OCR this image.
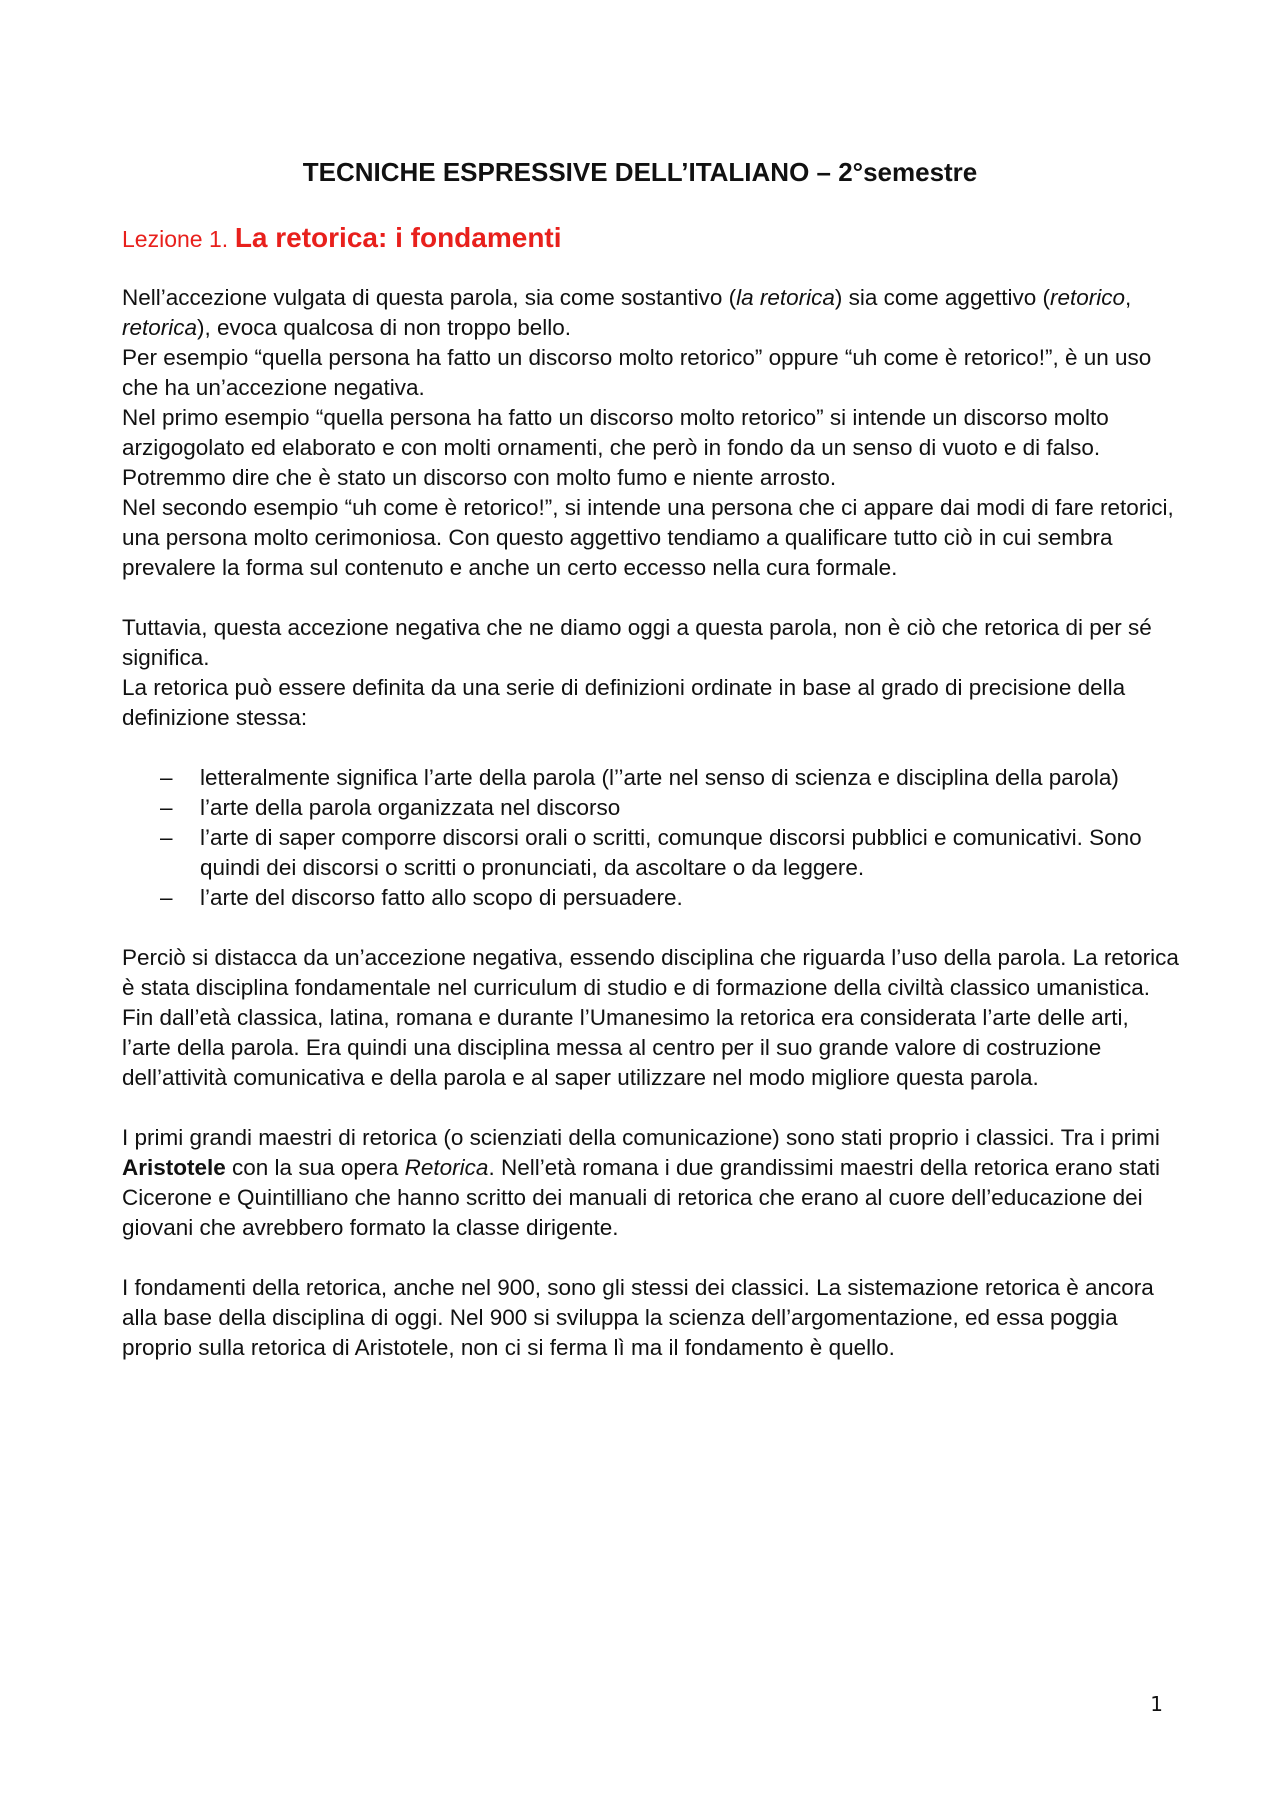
TECNICHE ESPRESSIVE DELL’ITALIANO – 2°semestre
Lezione 1. La retorica: i fondamenti

Nell’accezione vulgata di questa parola, sia come sostantivo (la retorica) sia come aggettivo (retorico, retorica), evoca qualcosa di non troppo bello.

Per esempio “quella persona ha fatto un discorso molto retorico” oppure “uh come è retorico!”, è un uso che ha un’accezione negativa.

Nel primo esempio “quella persona ha fatto un discorso molto retorico” si intende un discorso molto arzigogolato ed elaborato e con molti ornamenti, che però in fondo da un senso di vuoto e di falso. Potremmo dire che è stato un discorso con molto fumo e niente arrosto.

Nel secondo esempio “uh come è retorico!”, si intende una persona che ci appare dai modi di fare retorici, una persona molto cerimoniosa. Con questo aggettivo tendiamo a qualificare tutto ciò in cui sembra prevalere la forma sul contenuto e anche un certo eccesso nella cura formale.

Tuttavia, questa accezione negativa che ne diamo oggi a questa parola, non è ciò che retorica di per sé significa.

La retorica può essere definita da una serie di definizioni ordinate in base al grado di precisione della definizione stessa:

– letteralmente significa l’arte della parola (l’’arte nel senso di scienza e disciplina della parola)
– l’arte della parola organizzata nel discorso
– l’arte di saper comporre discorsi orali o scritti, comunque discorsi pubblici e comunicativi. Sono quindi dei discorsi o scritti o pronunciati, da ascoltare o da leggere.
– l’arte del discorso fatto allo scopo di persuadere.

Perciò si distacca da un’accezione negativa, essendo disciplina che riguarda l’uso della parola. La retorica è stata disciplina fondamentale nel curriculum di studio e di formazione della civiltà classico umanistica. Fin dall’età classica, latina, romana e durante l’Umanesimo la retorica era considerata l’arte delle arti, l’arte della parola. Era quindi una disciplina messa al centro per il suo grande valore di costruzione dell’attività comunicativa e della parola e al saper utilizzare nel modo migliore questa parola.

I primi grandi maestri di retorica (o scienziati della comunicazione) sono stati proprio i classici. Tra i primi Aristotele con la sua opera Retorica. Nell’età romana i due grandissimi maestri della retorica erano stati Cicerone e Quintilliano che hanno scritto dei manuali di retorica che erano al cuore dell’educazione dei giovani che avrebbero formato la classe dirigente.

I fondamenti della retorica, anche nel 900, sono gli stessi dei classici. La sistemazione retorica è ancora alla base della disciplina di oggi. Nel 900 si sviluppa la scienza dell’argomentazione, ed essa poggia proprio sulla retorica di Aristotele, non ci si ferma lì ma il fondamento è quello.

1
